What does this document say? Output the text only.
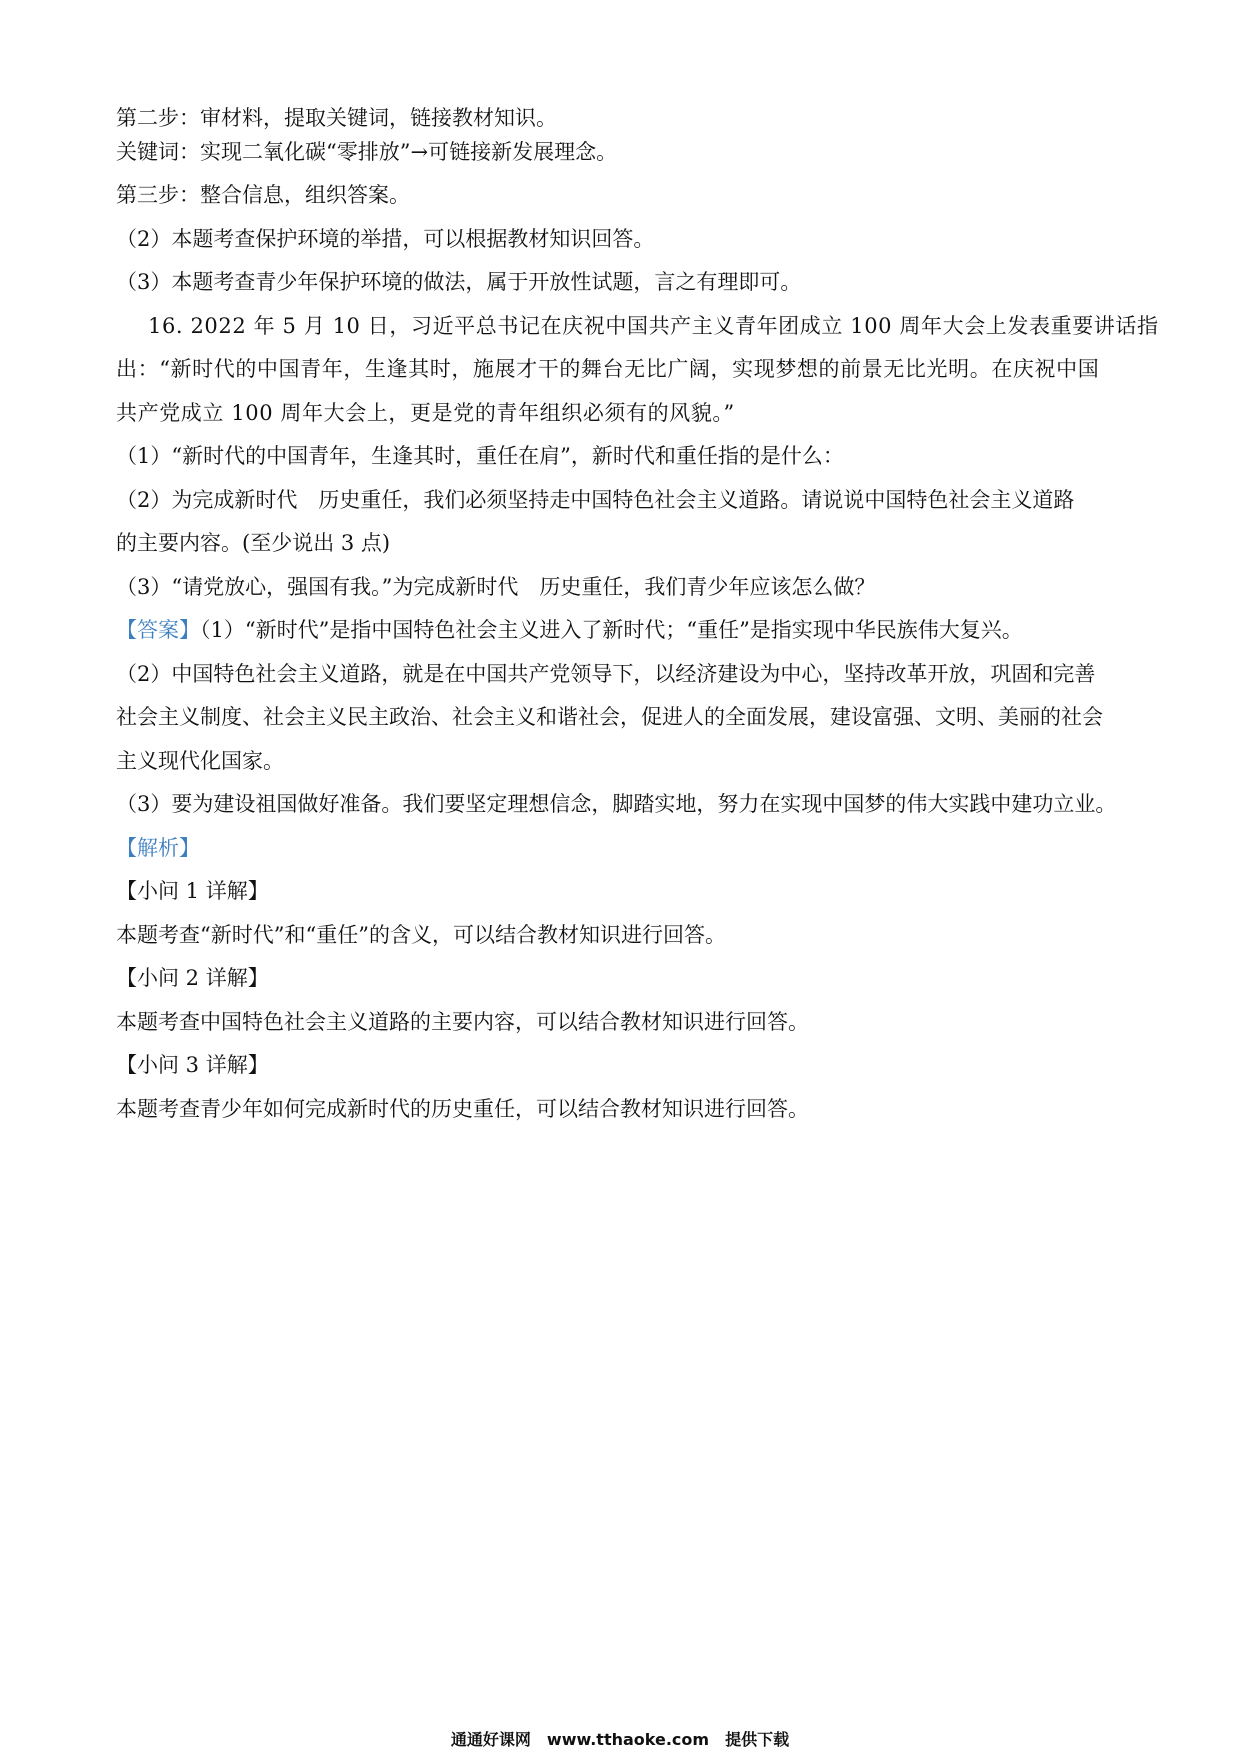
第二步：审材料，提取关键词，链接教材知识。
关键词：实现二氧化碳“零排放”→可链接新发展理念。
第三步：整合信息，组织答案。
（2）本题考查保护环境的举措，可以根据教材知识回答。
（3）本题考查青少年保护环境的做法，属于开放性试题，言之有理即可。
16. 2022 年 5 月 10 日，习近平总书记在庆祝中国共产主义青年团成立 100 周年大会上发表重要讲话指
出：“新时代的中国青年，生逢其时，施展才干的舞台无比广阔，实现梦想的前景无比光明。在庆祝中国
共产党成立 100 周年大会上，更是党的青年组织必须有的风貌。”
（1）“新时代的中国青年，生逢其时，重任在肩”，新时代和重任指的是什么：
（2）为完成新时代　历史重任，我们必须坚持走中国特色社会主义道路。请说说中国特色社会主义道路
的主要内容。(至少说出 3 点)
（3）“请党放心，强国有我。”为完成新时代　历史重任，我们青少年应该怎么做？
【答案】（1）“新时代”是指中国特色社会主义进入了新时代；“重任”是指实现中华民族伟大复兴。
（2）中国特色社会主义道路，就是在中国共产党领导下，以经济建设为中心，坚持改革开放，巩固和完善
社会主义制度、社会主义民主政治、社会主义和谐社会，促进人的全面发展，建设富强、文明、美丽的社会
主义现代化国家。
（3）要为建设祖国做好准备。我们要坚定理想信念，脚踏实地，努力在实现中国梦的伟大实践中建功立业。
【解析】
【小问 1 详解】
本题考查“新时代”和“重任”的含义，可以结合教材知识进行回答。
【小问 2 详解】
本题考查中国特色社会主义道路的主要内容，可以结合教材知识进行回答。
【小问 3 详解】
本题考查青少年如何完成新时代的历史重任，可以结合教材知识进行回答。
通通好课网　www.tthaoke.com　提供下载
